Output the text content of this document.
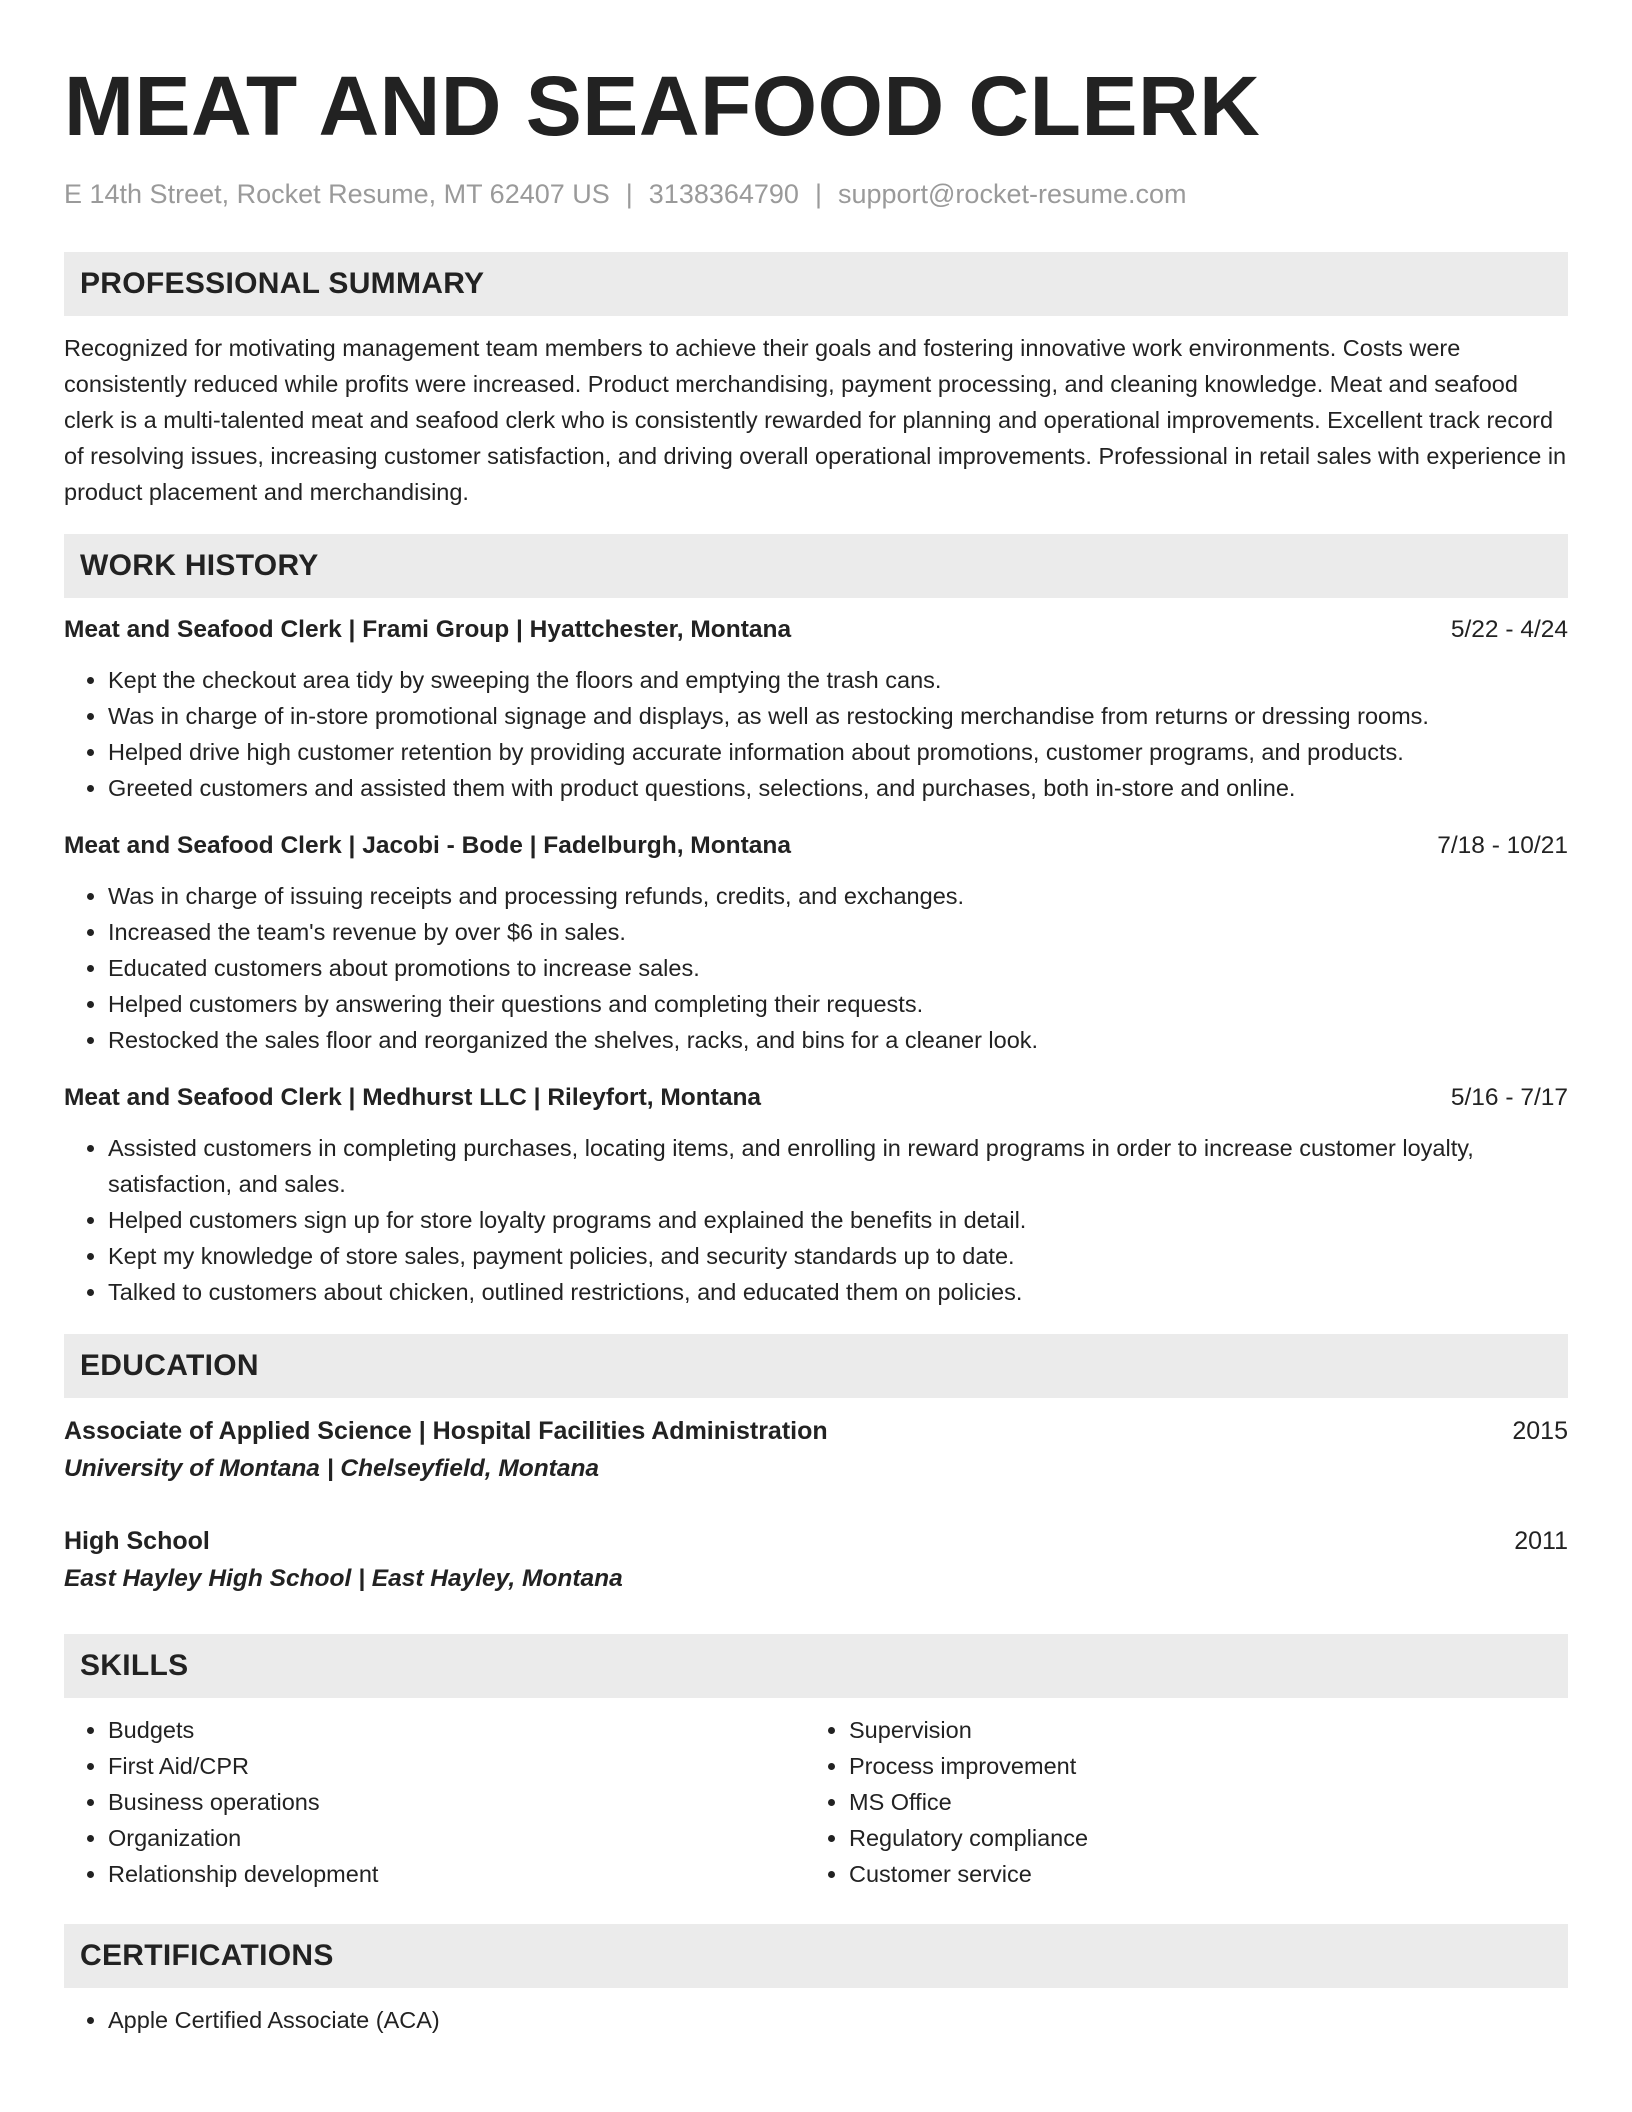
MEAT AND SEAFOOD CLERK
E 14th Street, Rocket Resume, MT 62407 US | 3138364790 | support@rocket-resume.com
PROFESSIONAL SUMMARY

Recognized for motivating management team members to achieve their goals and fostering innovative work environments. Costs were consistently reduced while profits were increased. Product merchandising, payment processing, and cleaning knowledge. Meat and seafood clerk is a multi-talented meat and seafood clerk who is consistently rewarded for planning and operational improvements. Excellent track record of resolving issues, increasing customer satisfaction, and driving overall operational improvements. Professional in retail sales with experience in product placement and merchandising.

WORK HISTORY
Meat and Seafood Clerk | Frami Group | Hyattchester, Montana	5/22 - 4/24
• Kept the checkout area tidy by sweeping the floors and emptying the trash cans.
• Was in charge of in-store promotional signage and displays, as well as restocking merchandise from returns or dressing rooms.
• Helped drive high customer retention by providing accurate information about promotions, customer programs, and products.
• Greeted customers and assisted them with product questions, selections, and purchases, both in-store and online.
Meat and Seafood Clerk | Jacobi - Bode | Fadelburgh, Montana	7/18 - 10/21
• Was in charge of issuing receipts and processing refunds, credits, and exchanges.
• Increased the team's revenue by over $6 in sales.
• Educated customers about promotions to increase sales.
• Helped customers by answering their questions and completing their requests.
• Restocked the sales floor and reorganized the shelves, racks, and bins for a cleaner look.
Meat and Seafood Clerk | Medhurst LLC | Rileyfort, Montana	5/16 - 7/17
• Assisted customers in completing purchases, locating items, and enrolling in reward programs in order to increase customer loyalty, satisfaction, and sales.
• Helped customers sign up for store loyalty programs and explained the benefits in detail.
• Kept my knowledge of store sales, payment policies, and security standards up to date.
• Talked to customers about chicken, outlined restrictions, and educated them on policies.
EDUCATION
Associate of Applied Science | Hospital Facilities Administration	2015
University of Montana | Chelseyfield, Montana
High School	2011
East Hayley High School | East Hayley, Montana
SKILLS
• Budgets
• First Aid/CPR
• Business operations
• Organization
• Relationship development
• Supervision
• Process improvement
• MS Office
• Regulatory compliance
• Customer service
CERTIFICATIONS
• Apple Certified Associate (ACA)
